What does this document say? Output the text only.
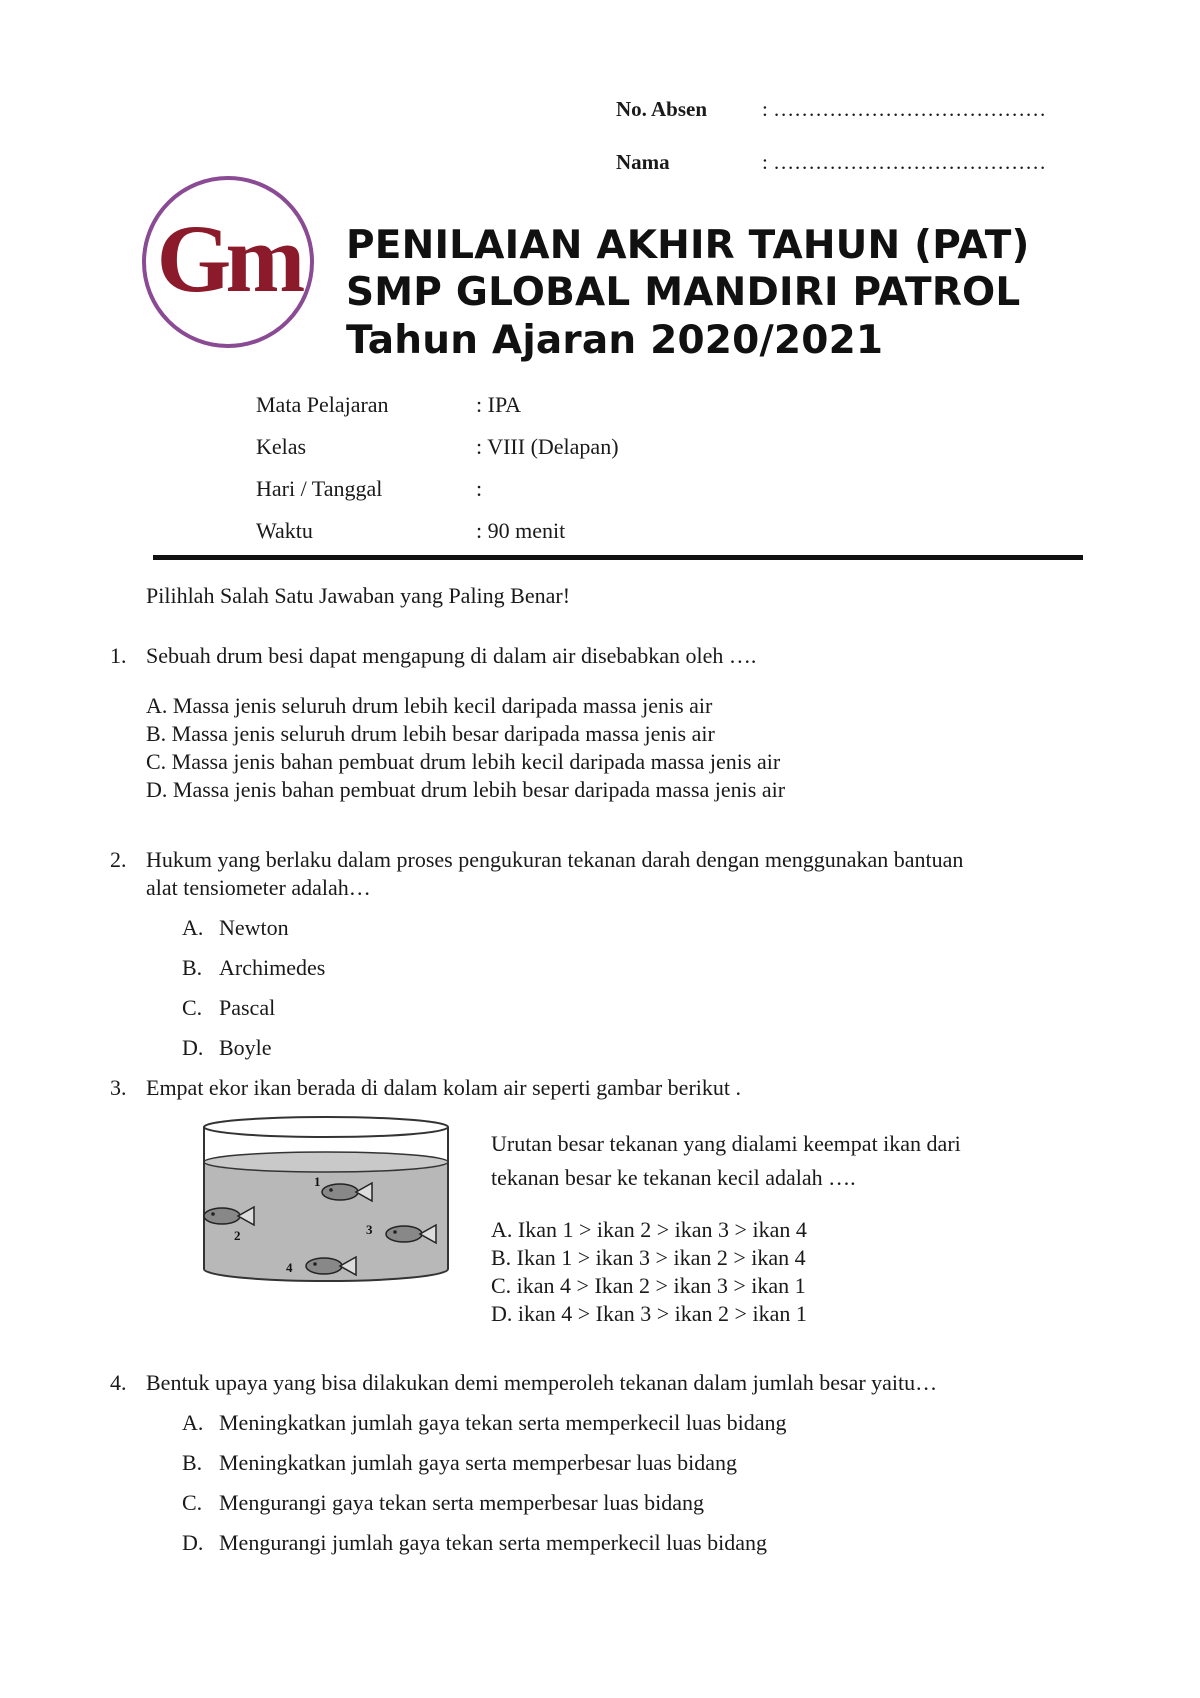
No. Absen	: …………………………………
Nama	: …………………………………
Gm PENILAIAN AKHIR TAHUN (PAT)
SMP GLOBAL MANDIRI PATROL
Tahun Ajaran 2020/2021
Mata Pelajaran	: IPA
Kelas	: VIII (Delapan)
Hari / Tanggal	:
Waktu	: 90 menit
Pilihlah Salah Satu Jawaban yang Paling Benar!
1. Sebuah drum besi dapat mengapung di dalam air disebabkan oleh ….
A. Massa jenis seluruh drum lebih kecil daripada massa jenis air
B. Massa jenis seluruh drum lebih besar daripada massa jenis air
C. Massa jenis bahan pembuat drum lebih kecil daripada massa jenis air
D. Massa jenis bahan pembuat drum lebih besar daripada massa jenis air
2. Hukum yang berlaku dalam proses pengukuran tekanan darah dengan menggunakan bantuan
alat tensiometer adalah…
A. Newton
B. Archimedes
C. Pascal
D. Boyle
3. Empat ekor ikan berada di dalam kolam air seperti gambar berikut .
1
2	3
4
Urutan besar tekanan yang dialami keempat ikan dari
tekanan besar ke tekanan kecil adalah ….
A. Ikan 1 > ikan 2 > ikan 3 > ikan 4
B. Ikan 1 > ikan 3 > ikan 2 > ikan 4
C. ikan 4 > Ikan 2 > ikan 3 > ikan 1
D. ikan 4 > Ikan 3 > ikan 2 > ikan 1
4. Bentuk upaya yang bisa dilakukan demi memperoleh tekanan dalam jumlah besar yaitu…
A. Meningkatkan jumlah gaya tekan serta memperkecil luas bidang
B. Meningkatkan jumlah gaya serta memperbesar luas bidang
C. Mengurangi gaya tekan serta memperbesar luas bidang
D. Mengurangi jumlah gaya tekan serta memperkecil luas bidang
